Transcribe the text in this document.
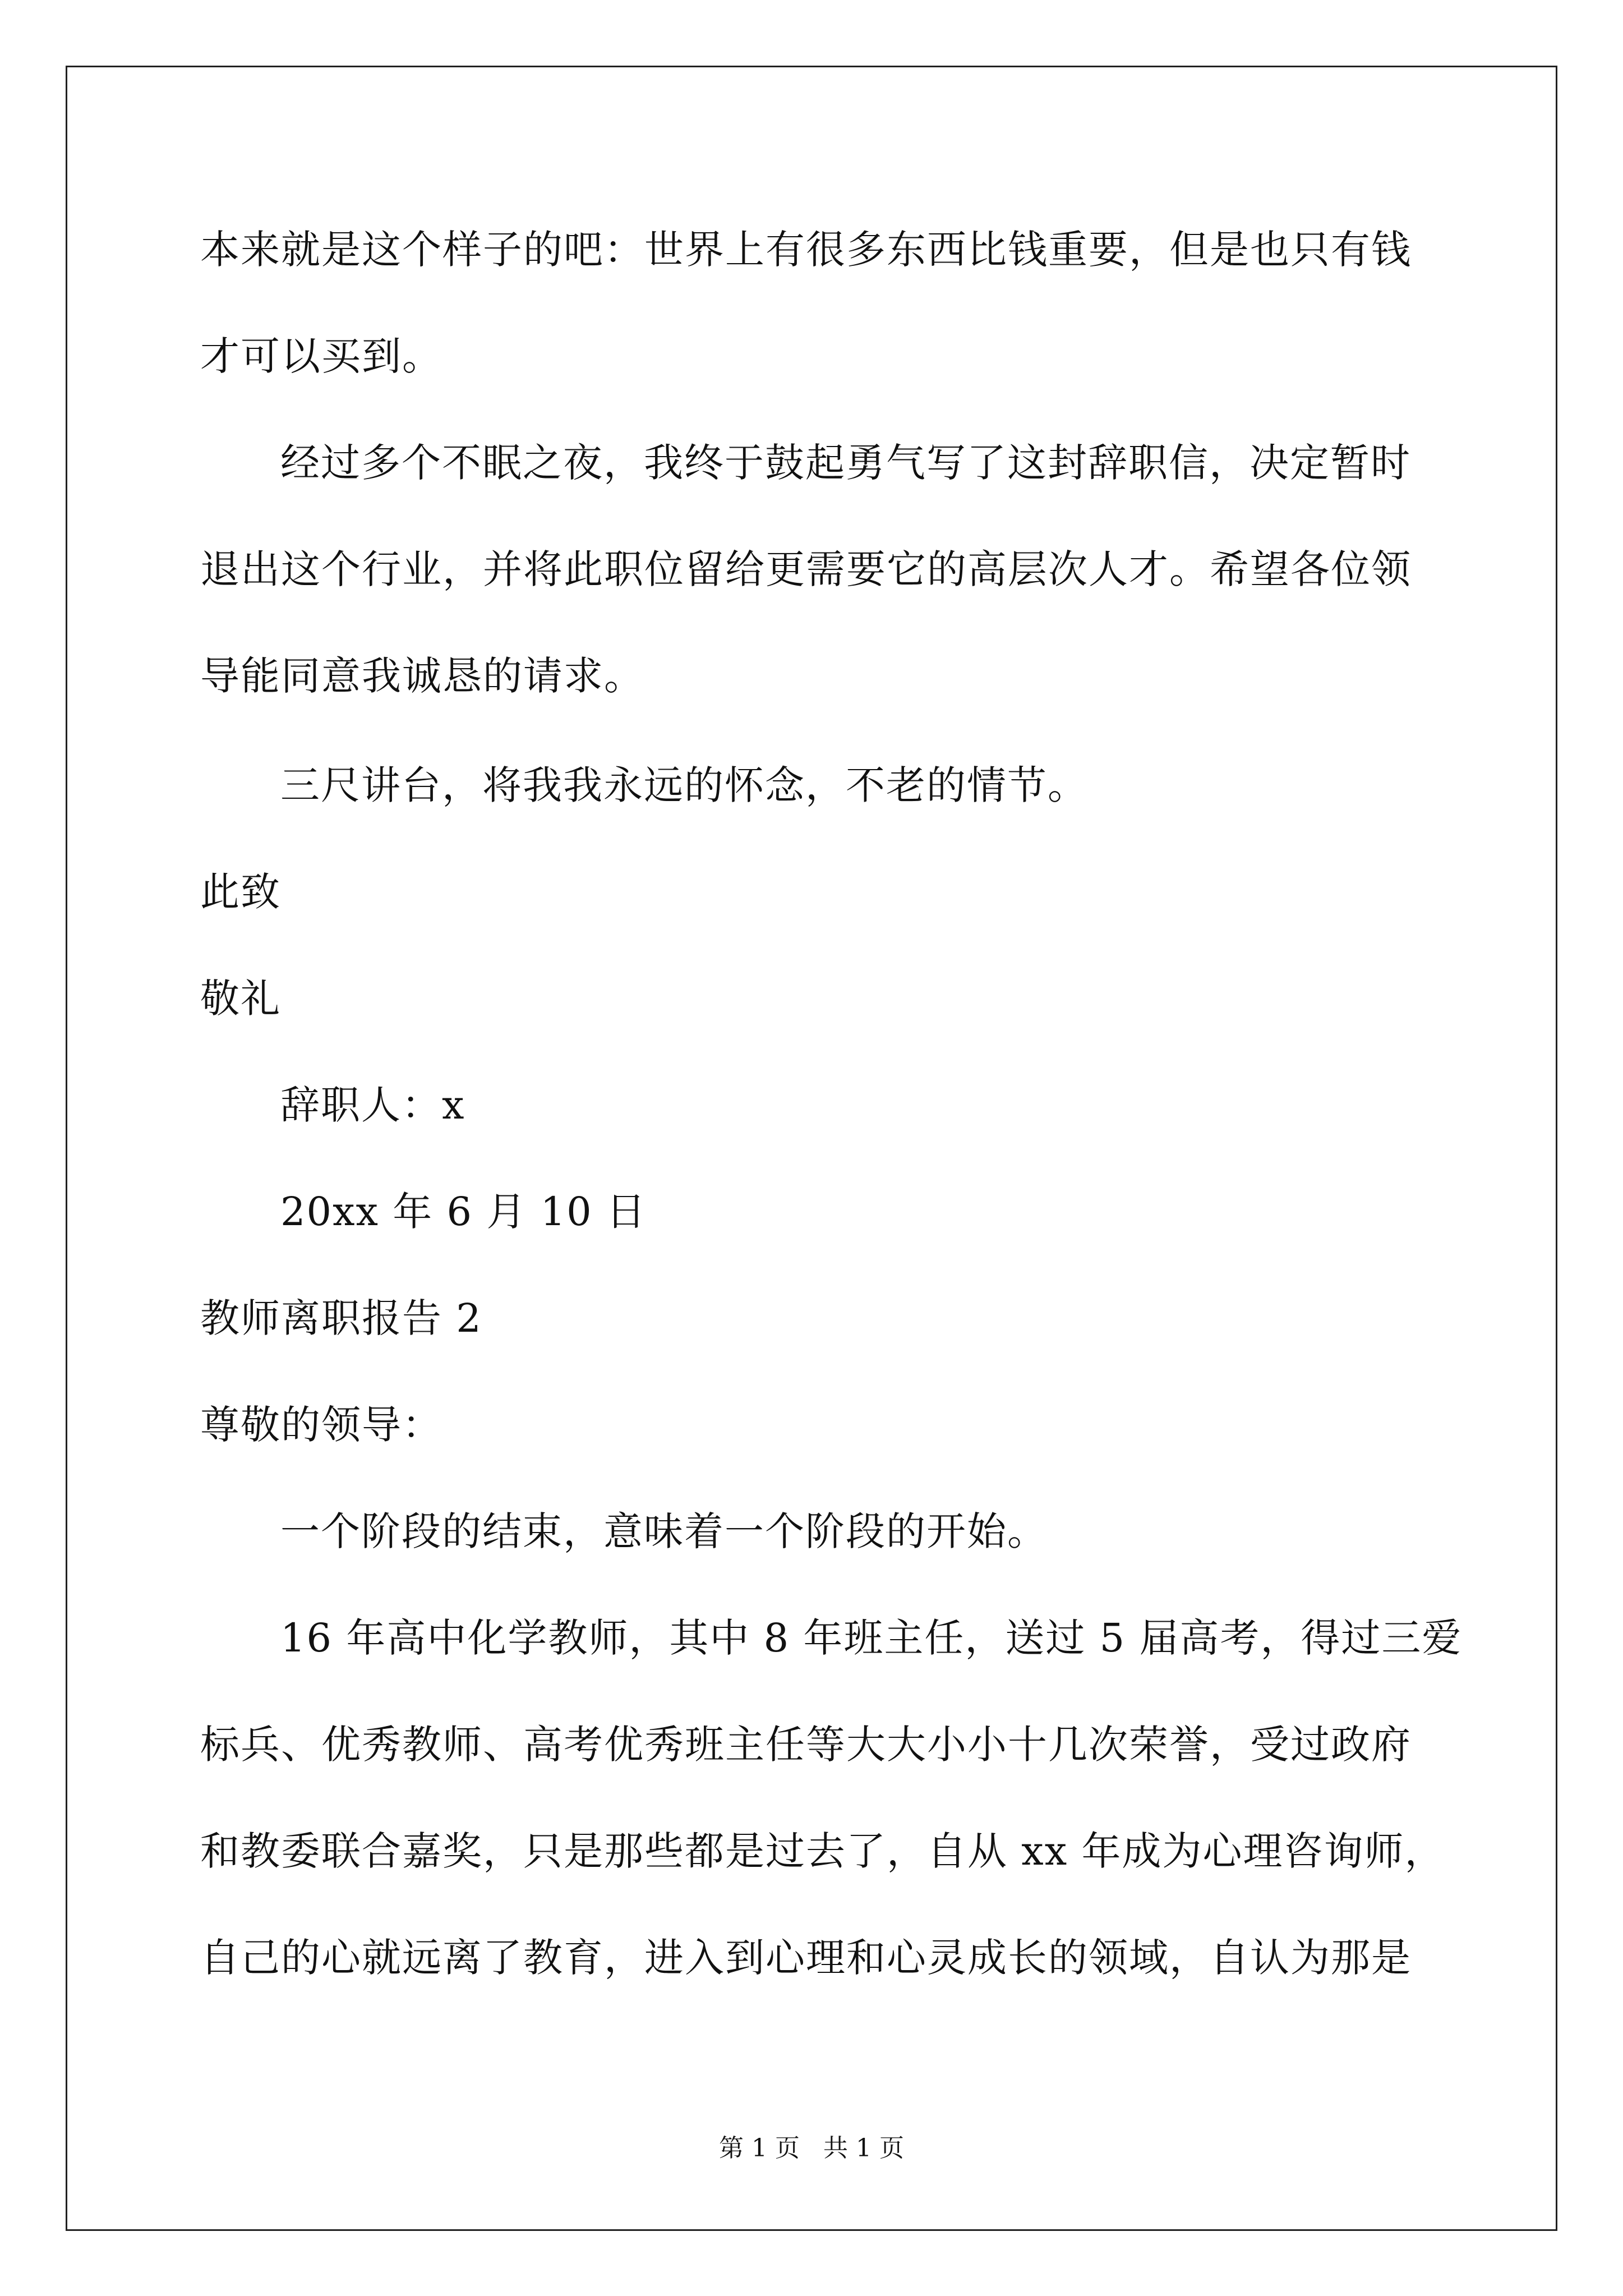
本来就是这个样子的吧：世界上有很多东西比钱重要，但是也只有钱
才可以买到。
经过多个不眠之夜，我终于鼓起勇气写了这封辞职信，决定暂时
退出这个行业，并将此职位留给更需要它的高层次人才。希望各位领
导能同意我诚恳的请求。
三尺讲台，将我我永远的怀念，不老的情节。
此致
敬礼
辞职人：x
20xx 年 6 月 10 日
教师离职报告 2
尊敬的领导：
一个阶段的结束，意味着一个阶段的开始。
16 年高中化学教师，其中 8 年班主任，送过 5 届高考，得过三爱
标兵、优秀教师、高考优秀班主任等大大小小十几次荣誉，受过政府
和教委联合嘉奖，只是那些都是过去了，自从 xx 年成为心理咨询师，
自己的心就远离了教育，进入到心理和心灵成长的领域，自认为那是
第 1 页 共 1 页
